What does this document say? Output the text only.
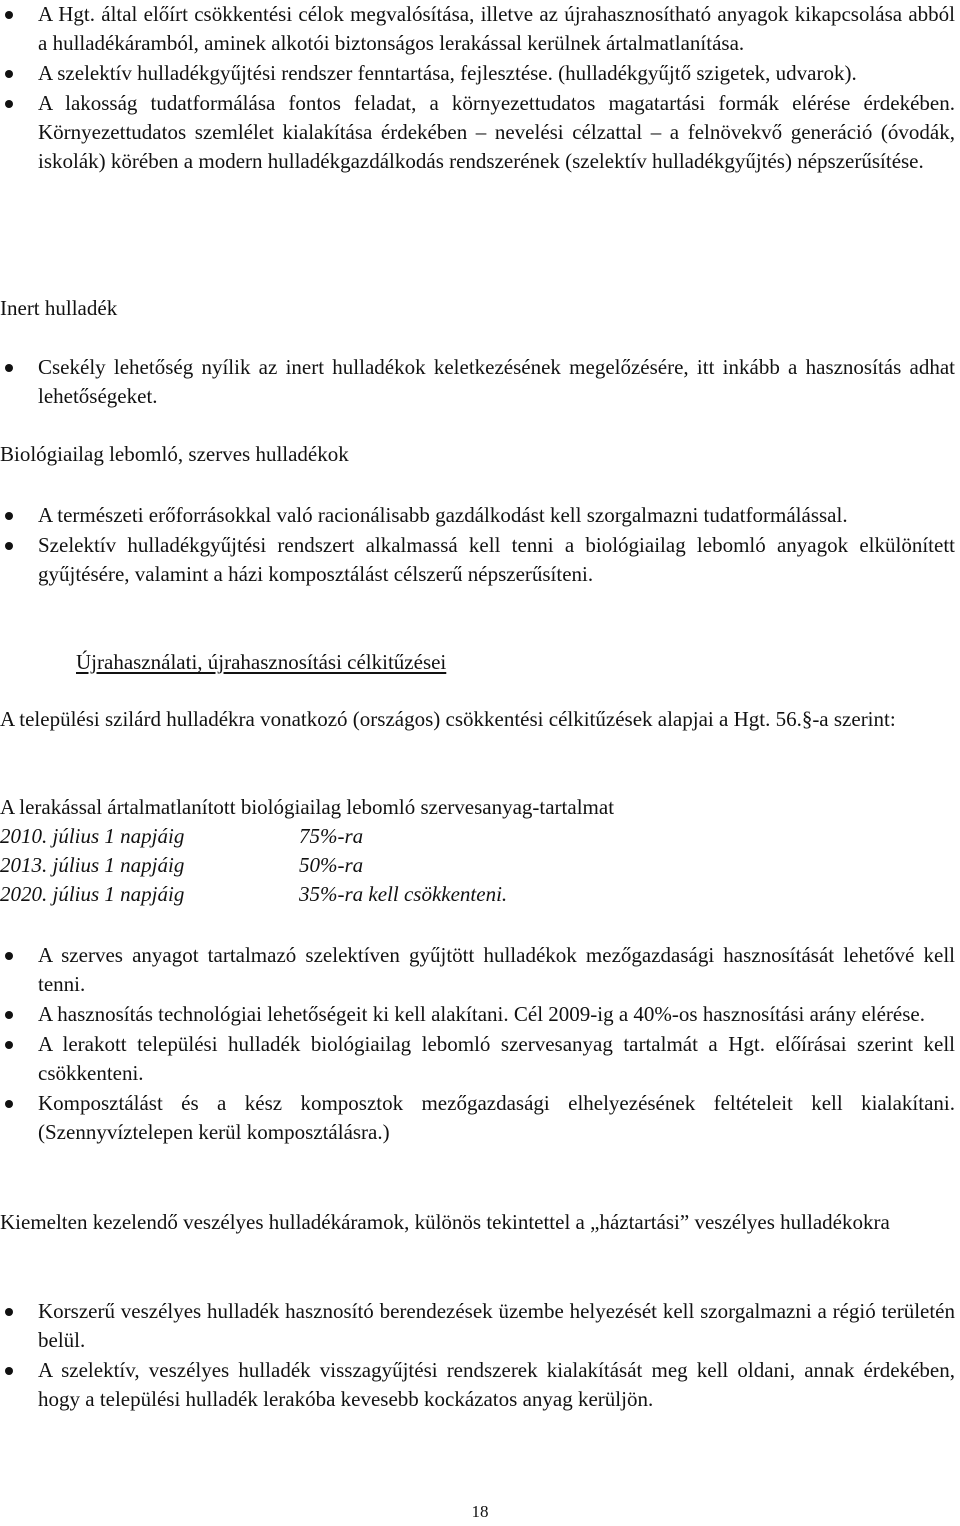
A Hgt. által előírt csökkentési célok megvalósítása, illetve az újrahasznosítható anyagok kikapcsolása abból a hulladékáramból, aminek alkotói biztonságos lerakással kerülnek ártalmatlanítása.
A szelektív hulladékgyűjtési rendszer fenntartása, fejlesztése. (hulladékgyűjtő szigetek, udvarok).
A lakosság tudatformálása fontos feladat, a környezettudatos magatartási formák elérése érdekében. Környezettudatos szemlélet kialakítása érdekében – nevelési célzattal – a felnövekvő generáció (óvodák, iskolák) körében a modern hulladékgazdálkodás rendszerének (szelektív hulladékgyűjtés) népszerűsítése.
Inert hulladék
Csekély lehetőség nyílik az inert hulladékok keletkezésének megelőzésére, itt inkább a hasznosítás adhat lehetőségeket.
Biológiailag lebomló, szerves hulladékok
A természeti erőforrásokkal való racionálisabb gazdálkodást kell szorgalmazni tudatformálással.
Szelektív hulladékgyűjtési rendszert alkalmassá kell tenni a biológiailag lebomló anyagok elkülönített gyűjtésére, valamint a házi komposztálást célszerű népszerűsíteni.
Újrahasználati, újrahasznosítási célkitűzései
A települési szilárd hulladékra vonatkozó (országos) csökkentési célkitűzések alapjai a Hgt. 56.§-a szerint:
A lerakással ártalmatlanított biológiailag lebomló szervesanyag-tartalmat
2010. július 1 napjáig	75%-ra
2013. július 1 napjáig	50%-ra
2020. július 1 napjáig	35%-ra kell csökkenteni.
A szerves anyagot tartalmazó szelektíven gyűjtött hulladékok mezőgazdasági hasznosítását lehetővé kell tenni.
A hasznosítás technológiai lehetőségeit ki kell alakítani. Cél 2009-ig a 40%-os hasznosítási arány elérése.
A lerakott települési hulladék biológiailag lebomló szervesanyag tartalmát a Hgt. előírásai szerint kell csökkenteni.
Komposztálást és a kész komposztok mezőgazdasági elhelyezésének feltételeit kell kialakítani. (Szennyvíztelepen kerül komposztálásra.)
Kiemelten kezelendő veszélyes hulladékáramok, különös tekintettel a „háztartási” veszélyes hulladékokra
Korszerű veszélyes hulladék hasznosító berendezések üzembe helyezését kell szorgalmazni a régió területén belül.
A szelektív, veszélyes hulladék visszagyűjtési rendszerek kialakítását meg kell oldani, annak érdekében, hogy a települési hulladék lerakóba kevesebb kockázatos anyag kerüljön.
18
